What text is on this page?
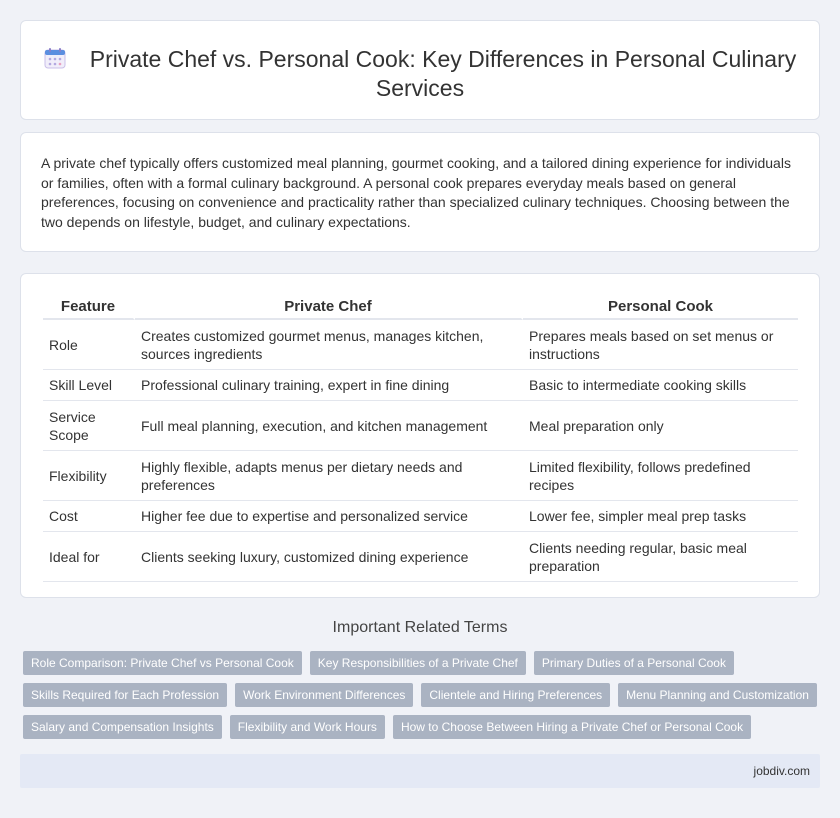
Private Chef vs. Personal Cook: Key Differences in Personal Culinary Services

A private chef typically offers customized meal planning, gourmet cooking, and a tailored dining experience for individuals or families, often with a formal culinary background. A personal cook prepares everyday meals based on general preferences, focusing on convenience and practicality rather than specialized culinary techniques. Choosing between the two depends on lifestyle, budget, and culinary expectations.

Feature	Private Chef	Personal Cook
Role	Creates customized gourmet menus, manages kitchen, sources ingredients	Prepares meals based on set menus or instructions
Skill Level	Professional culinary training, expert in fine dining	Basic to intermediate cooking skills
Service Scope	Full meal planning, execution, and kitchen management	Meal preparation only
Flexibility	Highly flexible, adapts menus per dietary needs and preferences	Limited flexibility, follows predefined recipes
Cost	Higher fee due to expertise and personalized service	Lower fee, simpler meal prep tasks
Ideal for	Clients seeking luxury, customized dining experience	Clients needing regular, basic meal preparation
Important Related Terms
Role Comparison: Private Chef vs Personal Cook	Key Responsibilities of a Private Chef	Primary Duties of a Personal Cook
Skills Required for Each Profession	Work Environment Differences	Clientele and Hiring Preferences	Menu Planning and Customization
Salary and Compensation Insights	Flexibility and Work Hours	How to Choose Between Hiring a Private Chef or Personal Cook
jobdiv.com
